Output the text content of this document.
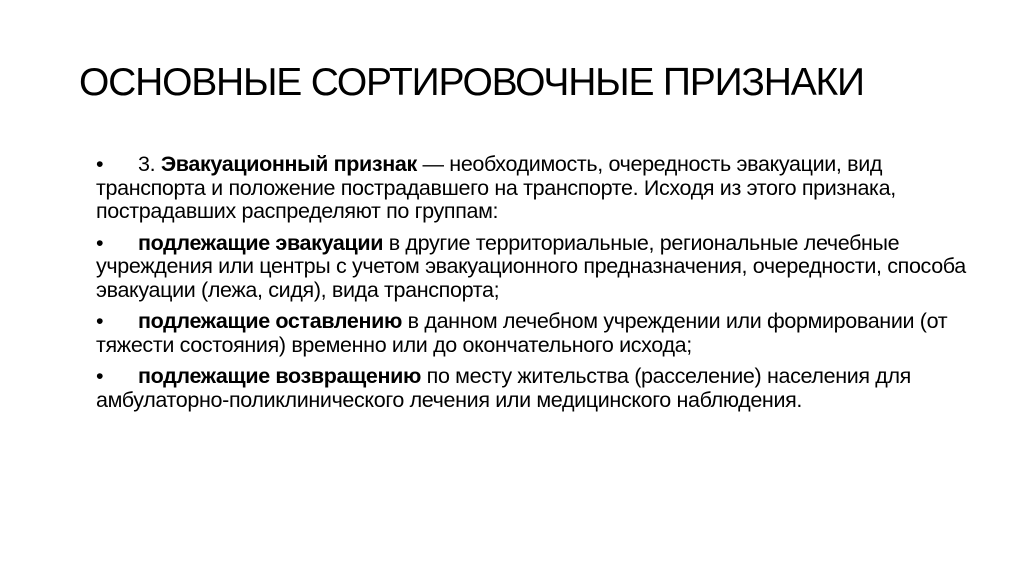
ОСНОВНЫЕ СОРТИРОВОЧНЫЕ ПРИЗНАКИ
• 3. Эвакуационный признак — необходимость, очередность эвакуации, вид транспорта и положение пострадавшего на транспорте. Исходя из этого признака, пострадавших распределяют по группам:
• подлежащие эвакуации в другие территориальные, региональные лечебные учреждения или центры с учетом эвакуационного предназначения, очередности, способа эвакуации (лежа, сидя), вида транспорта;
• подлежащие оставлению в данном лечебном учреждении или формировании (от тяжести состояния) временно или до окончательного исхода;
• подлежащие возвращению по месту жительства (расселение) населения для амбулаторно-поликлинического лечения или медицинского наблюдения.
